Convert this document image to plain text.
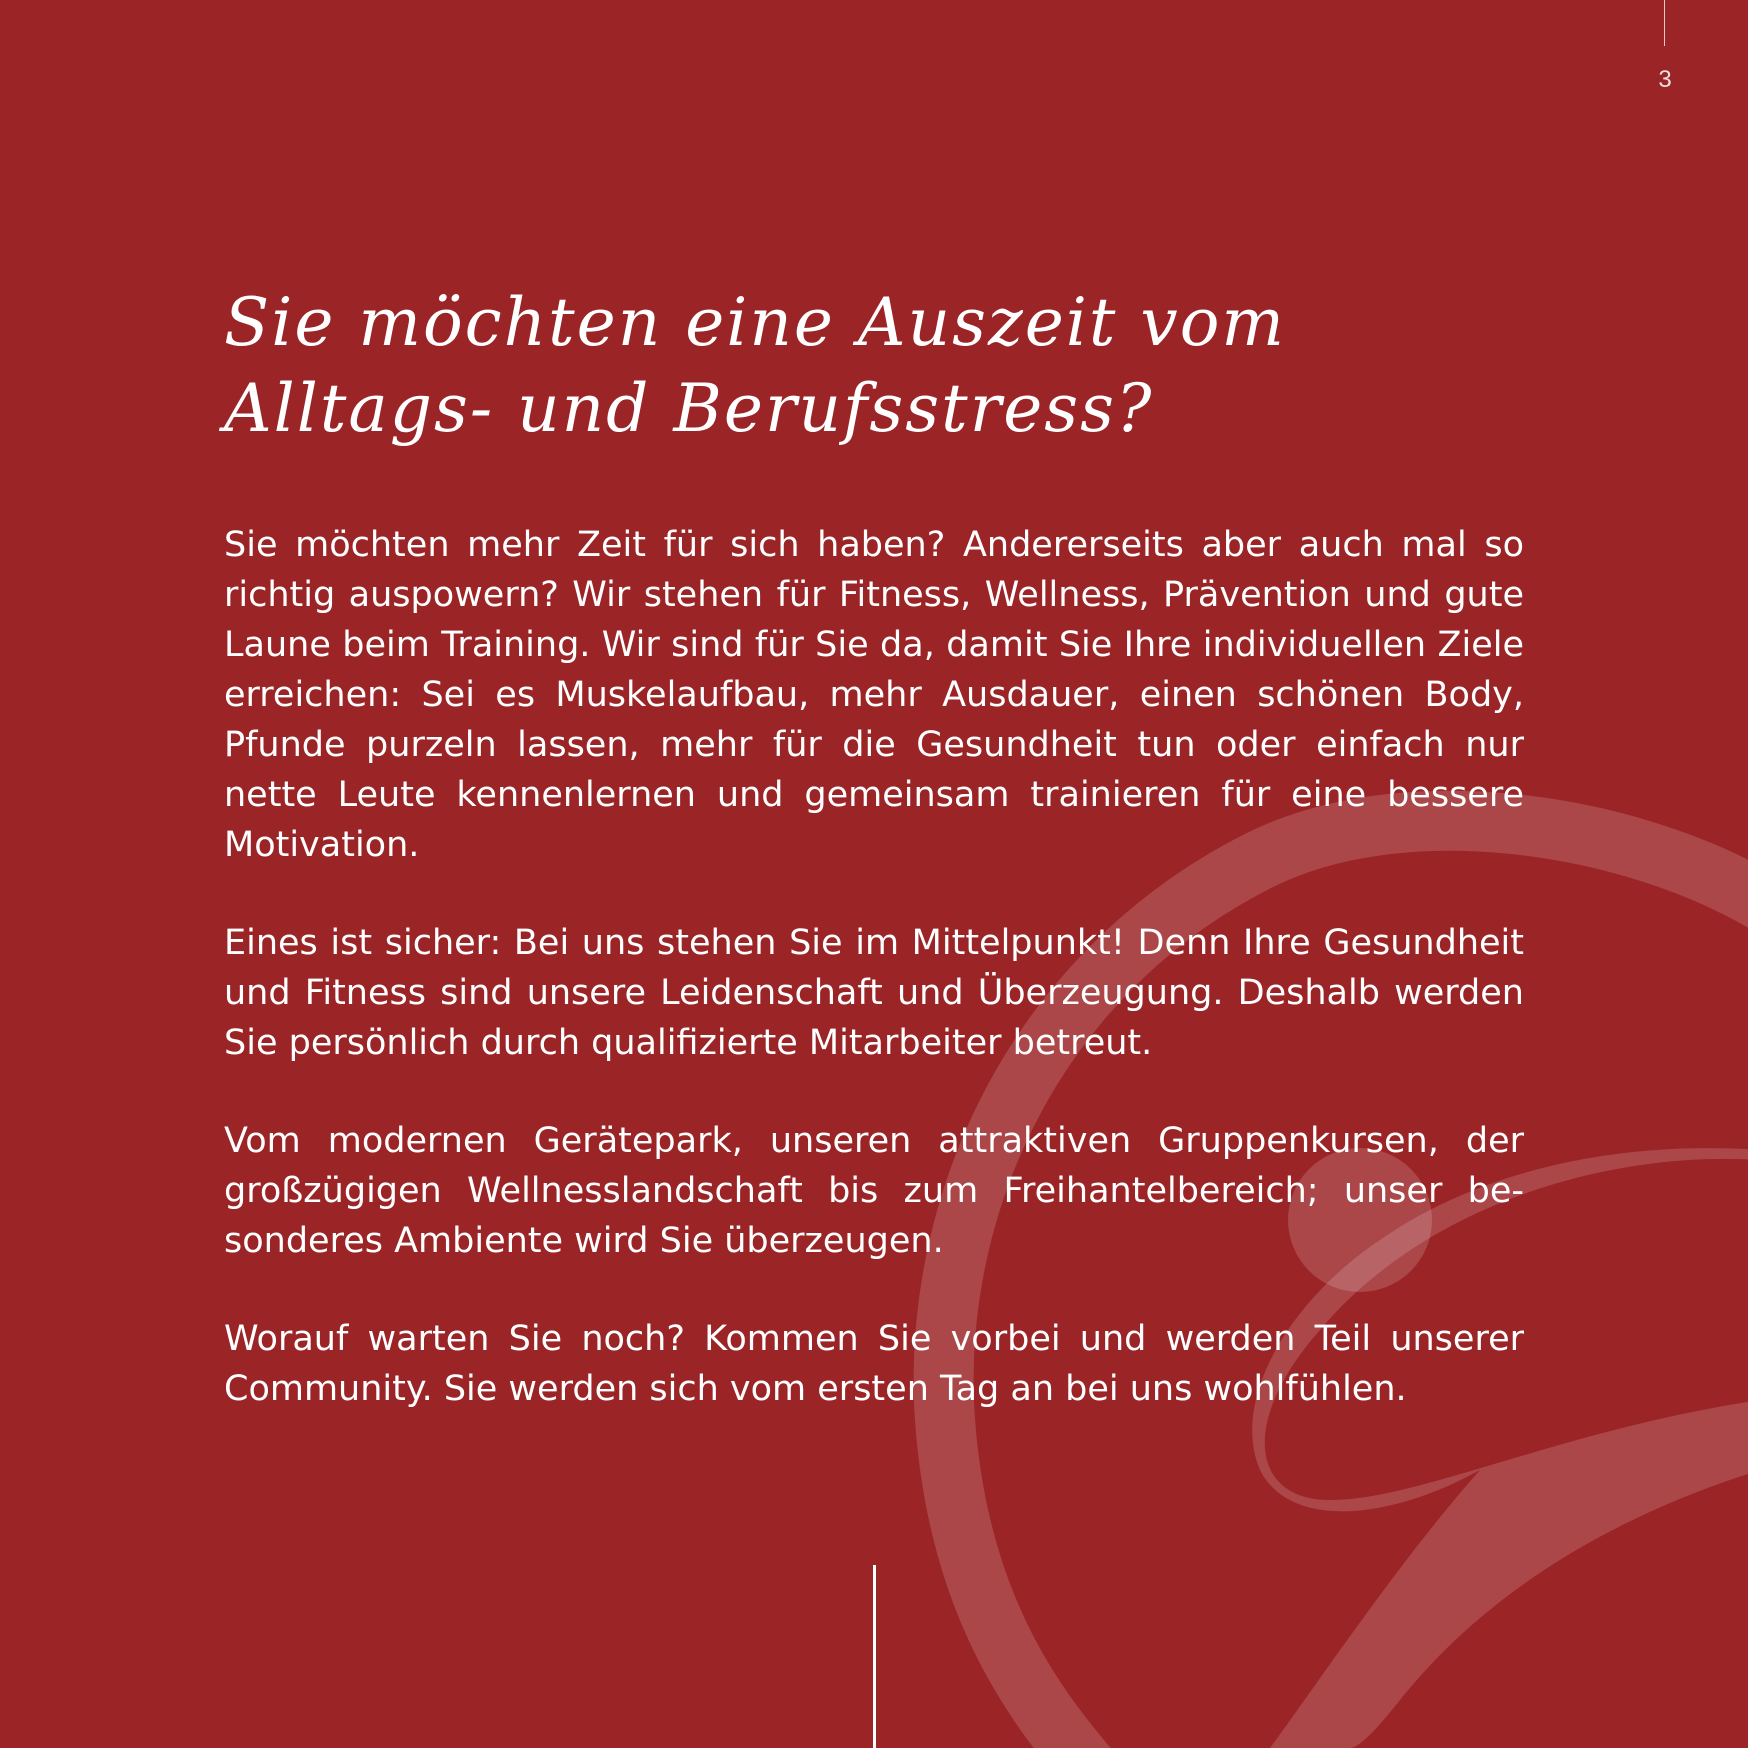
3
Sie möchten eine Auszeit vom
Alltags- und Berufsstress?

Sie möchten mehr Zeit für sich haben? Andererseits aber auch mal so richtig auspowern? Wir stehen für Fitness, Wellness, Prävention und gute Laune beim Training. Wir sind für Sie da, damit Sie Ihre individuellen Ziele erreichen: Sei es Muskelaufbau, mehr Ausdauer, einen schönen Body, Pfunde purzeln lassen, mehr für die Gesundheit tun oder einfach nur nette Leute kennenlernen und gemeinsam trainieren für eine bessere Motivation.

Eines ist sicher: Bei uns stehen Sie im Mittelpunkt! Denn Ihre Gesundheit und Fitness sind unsere Leidenschaft und Überzeugung. Deshalb werden Sie persönlich durch qualifizierte Mitarbeiter betreut.

Vom modernen Gerätepark, unseren attraktiven Gruppenkursen, der großzügigen Wellnesslandschaft bis zum Freihantelbereich; unser besonderes Ambiente wird Sie überzeugen.

Worauf warten Sie noch? Kommen Sie vorbei und werden Teil unserer Community. Sie werden sich vom ersten Tag an bei uns wohlfühlen.
